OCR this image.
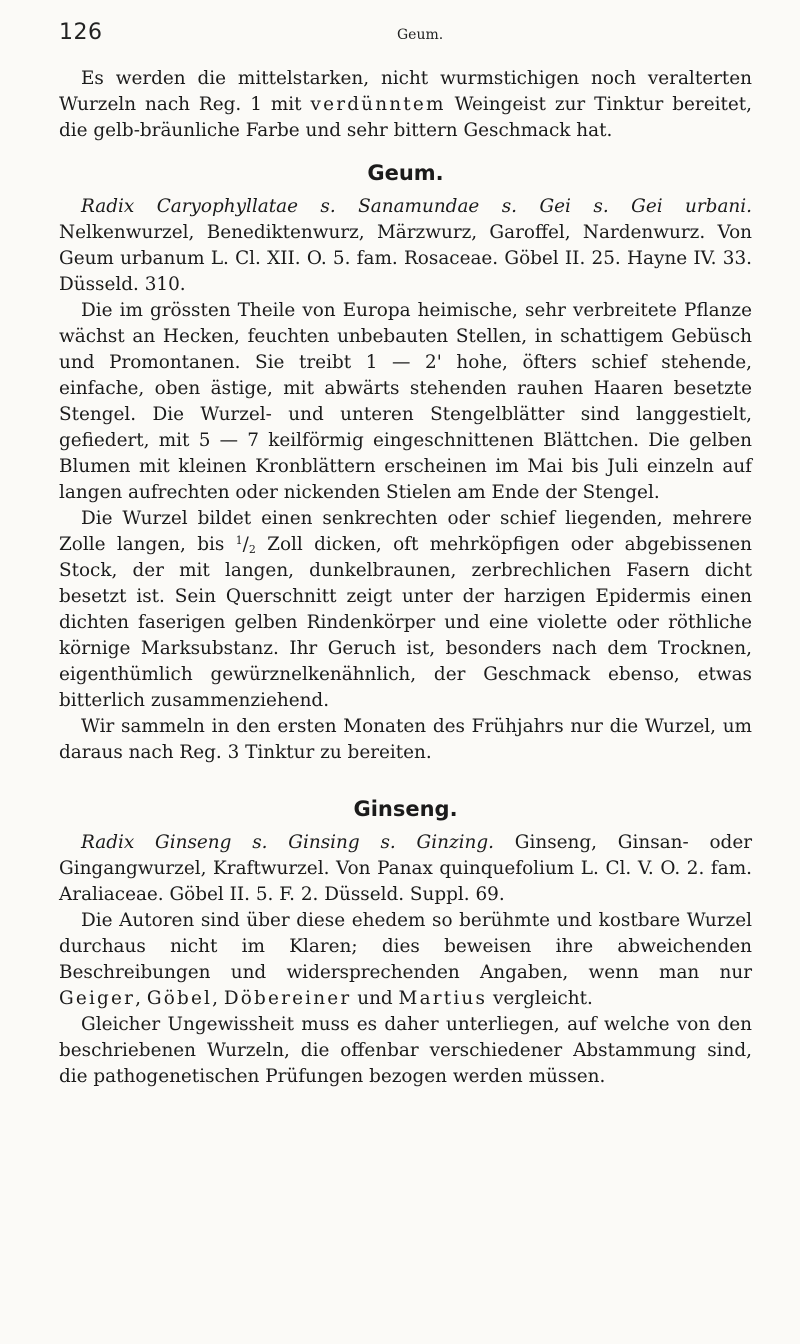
126	Geum.

Es werden die mittelstarken, nicht wurmstichigen noch veralterten Wurzeln nach Reg. 1 mit verdünntem Weingeist zur Tinktur bereitet, die gelb-bräunliche Farbe und sehr bittern Geschmack hat.

Geum.

Radix Caryophyllatae s. Sanamundae s. Gei s. Gei urbani. Nelkenwurzel, Benediktenwurz, Märzwurz, Garoffel, Nardenwurz. Von Geum urbanum L. Cl. XII. O. 5. fam. Rosaceae. Göbel II. 25. Hayne IV. 33. Düsseld. 310.

Die im grössten Theile von Europa heimische, sehr verbreitete Pflanze wächst an Hecken, feuchten unbebauten Stellen, in schattigem Gebüsch und Promontanen. Sie treibt 1 — 2' hohe, öfters schief stehende, einfache, oben ästige, mit abwärts stehenden rauhen Haaren besetzte Stengel. Die Wurzel- und unteren Stengelblätter sind langgestielt, gefiedert, mit 5 — 7 keilförmig eingeschnittenen Blättchen. Die gelben Blumen mit kleinen Kronblättern erscheinen im Mai bis Juli einzeln auf langen aufrechten oder nickenden Stielen am Ende der Stengel.

Die Wurzel bildet einen senkrechten oder schief liegenden, mehrere Zolle langen, bis $^1/_2$ Zoll dicken, oft mehrköpfigen oder abgebissenen Stock, der mit langen, dunkelbraunen, zerbrechlichen Fasern dicht besetzt ist. Sein Querschnitt zeigt unter der harzigen Epidermis einen dichten faserigen gelben Rindenkörper und eine violette oder röthliche körnige Marksubstanz. Ihr Geruch ist, besonders nach dem Trocknen, eigenthümlich gewürznelkenähnlich, der Geschmack ebenso, etwas bitterlich zusammenziehend.

Wir sammeln in den ersten Monaten des Frühjahrs nur die Wurzel, um daraus nach Reg. 3 Tinktur zu bereiten.

Ginseng.

Radix Ginseng s. Ginsing s. Ginzing. Ginseng, Ginsan- oder Gingangwurzel, Kraftwurzel. Von Panax quinquefolium L. Cl. V. O. 2. fam. Araliaceae. Göbel II. 5. F. 2. Düsseld. Suppl. 69.

Die Autoren sind über diese ehedem so berühmte und kostbare Wurzel durchaus nicht im Klaren; dies beweisen ihre abweichenden Beschreibungen und widersprechenden Angaben, wenn man nur Geiger, Göbel, Döbereiner und Martius vergleicht.

Gleicher Ungewissheit muss es daher unterliegen, auf welche von den beschriebenen Wurzeln, die offenbar verschiedener Abstammung sind, die pathogenetischen Prüfungen bezogen werden müssen.
